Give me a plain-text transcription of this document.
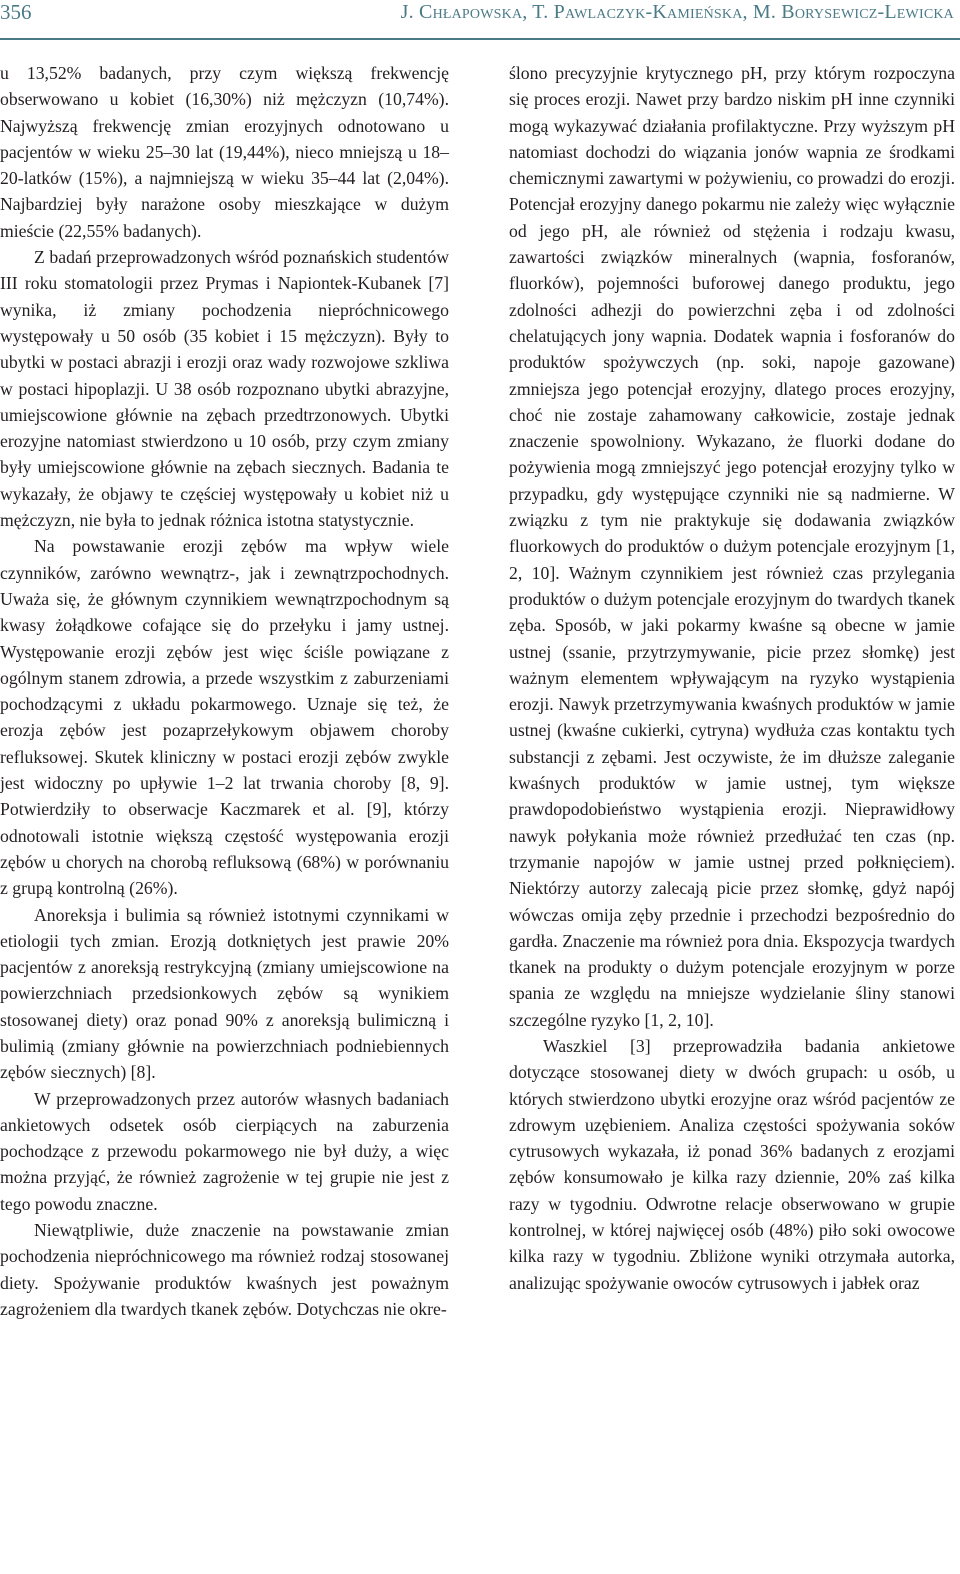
356	J. Chłapowska, T. Pawlaczyk-Kamieńska, M. Borysewicz-Lewicka

u 13,52% badanych, przy czym większą frekwencję obserwowano u kobiet (16,30%) niż mężczyzn (10,74%). Najwyższą frekwencję zmian erozyjnych odnotowano u pacjentów w wieku 25–30 lat (19,44%), nieco mniejszą u 18–20-latków (15%), a najmniejszą w wieku 35–44 lat (2,04%). Najbardziej były narażone osoby mieszkające w dużym mieście (22,55% badanych).

Z badań przeprowadzonych wśród poznańskich studentów III roku stomatologii przez Prymas i Napiontek-Kubanek [7] wynika, iż zmiany pochodzenia niepróchnicowego występowały u 50 osób (35 kobiet i 15 mężczyzn). Były to ubytki w postaci abrazji i erozji oraz wady rozwojowe szkliwa w postaci hipoplazji. U 38 osób rozpoznano ubytki abrazyjne, umiejscowione głównie na zębach przedtrzonowych. Ubytki erozyjne natomiast stwierdzono u 10 osób, przy czym zmiany były umiejscowione głównie na zębach siecznych. Badania te wykazały, że objawy te częściej występowały u kobiet niż u mężczyzn, nie była to jednak różnica istotna statystycznie.

Na powstawanie erozji zębów ma wpływ wiele czynników, zarówno wewnątrz-, jak i zewnątrzpochodnych. Uważa się, że głównym czynnikiem wewnątrzpochodnym są kwasy żołądkowe cofające się do przełyku i jamy ustnej. Występowanie erozji zębów jest więc ściśle powiązane z ogólnym stanem zdrowia, a przede wszystkim z zaburzeniami pochodzącymi z układu pokarmowego. Uznaje się też, że erozja zębów jest pozaprzełykowym objawem choroby refluksowej. Skutek kliniczny w postaci erozji zębów zwykle jest widoczny po upływie 1–2 lat trwania choroby [8, 9]. Potwierdziły to obserwacje Kaczmarek et al. [9], którzy odnotowali istotnie większą częstość występowania erozji zębów u chorych na chorobą refluksową (68%) w porównaniu z grupą kontrolną (26%).

Anoreksja i bulimia są również istotnymi czynnikami w etiologii tych zmian. Erozją dotkniętych jest prawie 20% pacjentów z anoreksją restrykcyjną (zmiany umiejscowione na powierzchniach przedsionkowych zębów są wynikiem stosowanej diety) oraz ponad 90% z anoreksją bulimiczną i bulimią (zmiany głównie na powierzchniach podniebiennych zębów siecznych) [8].

W przeprowadzonych przez autorów własnych badaniach ankietowych odsetek osób cierpiących na zaburzenia pochodzące z przewodu pokarmowego nie był duży, a więc można przyjąć, że również zagrożenie w tej grupie nie jest z tego powodu znaczne.

Niewątpliwie, duże znaczenie na powstawanie zmian pochodzenia niepróchnicowego ma również rodzaj stosowanej diety. Spożywanie produktów kwaśnych jest poważnym zagrożeniem dla twardych tkanek zębów. Dotychczas nie okre-

ślono precyzyjnie krytycznego pH, przy którym rozpoczyna się proces erozji. Nawet przy bardzo niskim pH inne czynniki mogą wykazywać działania profilaktyczne. Przy wyższym pH natomiast dochodzi do wiązania jonów wapnia ze środkami chemicznymi zawartymi w pożywieniu, co prowadzi do erozji. Potencjał erozyjny danego pokarmu nie zależy więc wyłącznie od jego pH, ale również od stężenia i rodzaju kwasu, zawartości związków mineralnych (wapnia, fosforanów, fluorków), pojemności buforowej danego produktu, jego zdolności adhezji do powierzchni zęba i od zdolności chelatujących jony wapnia. Dodatek wapnia i fosforanów do produktów spożywczych (np. soki, napoje gazowane) zmniejsza jego potencjał erozyjny, dlatego proces erozyjny, choć nie zostaje zahamowany całkowicie, zostaje jednak znaczenie spowolniony. Wykazano, że fluorki dodane do pożywienia mogą zmniejszyć jego potencjał erozyjny tylko w przypadku, gdy występujące czynniki nie są nadmierne. W związku z tym nie praktykuje się dodawania związków fluorkowych do produktów o dużym potencjale erozyjnym [1, 2, 10]. Ważnym czynnikiem jest również czas przylegania produktów o dużym potencjale erozyjnym do twardych tkanek zęba. Sposób, w jaki pokarmy kwaśne są obecne w jamie ustnej (ssanie, przytrzymywanie, picie przez słomkę) jest ważnym elementem wpływającym na ryzyko wystąpienia erozji. Nawyk przetrzymywania kwaśnych produktów w jamie ustnej (kwaśne cukierki, cytryna) wydłuża czas kontaktu tych substancji z zębami. Jest oczywiste, że im dłuższe zaleganie kwaśnych produktów w jamie ustnej, tym większe prawdopodobieństwo wystąpienia erozji. Nieprawidłowy nawyk połykania może również przedłużać ten czas (np. trzymanie napojów w jamie ustnej przed połknięciem). Niektórzy autorzy zalecają picie przez słomkę, gdyż napój wówczas omija zęby przednie i przechodzi bezpośrednio do gardła. Znaczenie ma również pora dnia. Ekspozycja twardych tkanek na produkty o dużym potencjale erozyjnym w porze spania ze względu na mniejsze wydzielanie śliny stanowi szczególne ryzyko [1, 2, 10].

Waszkiel [3] przeprowadziła badania ankietowe dotyczące stosowanej diety w dwóch grupach: u osób, u których stwierdzono ubytki erozyjne oraz wśród pacjentów ze zdrowym uzębieniem. Analiza częstości spożywania soków cytrusowych wykazała, iż ponad 36% badanych z erozjami zębów konsumowało je kilka razy dziennie, 20% zaś kilka razy w tygodniu. Odwrotne relacje obserwowano w grupie kontrolnej, w której najwięcej osób (48%) piło soki owocowe kilka razy w tygodniu. Zbliżone wyniki otrzymała autorka, analizując spożywanie owoców cytrusowych i jabłek oraz
